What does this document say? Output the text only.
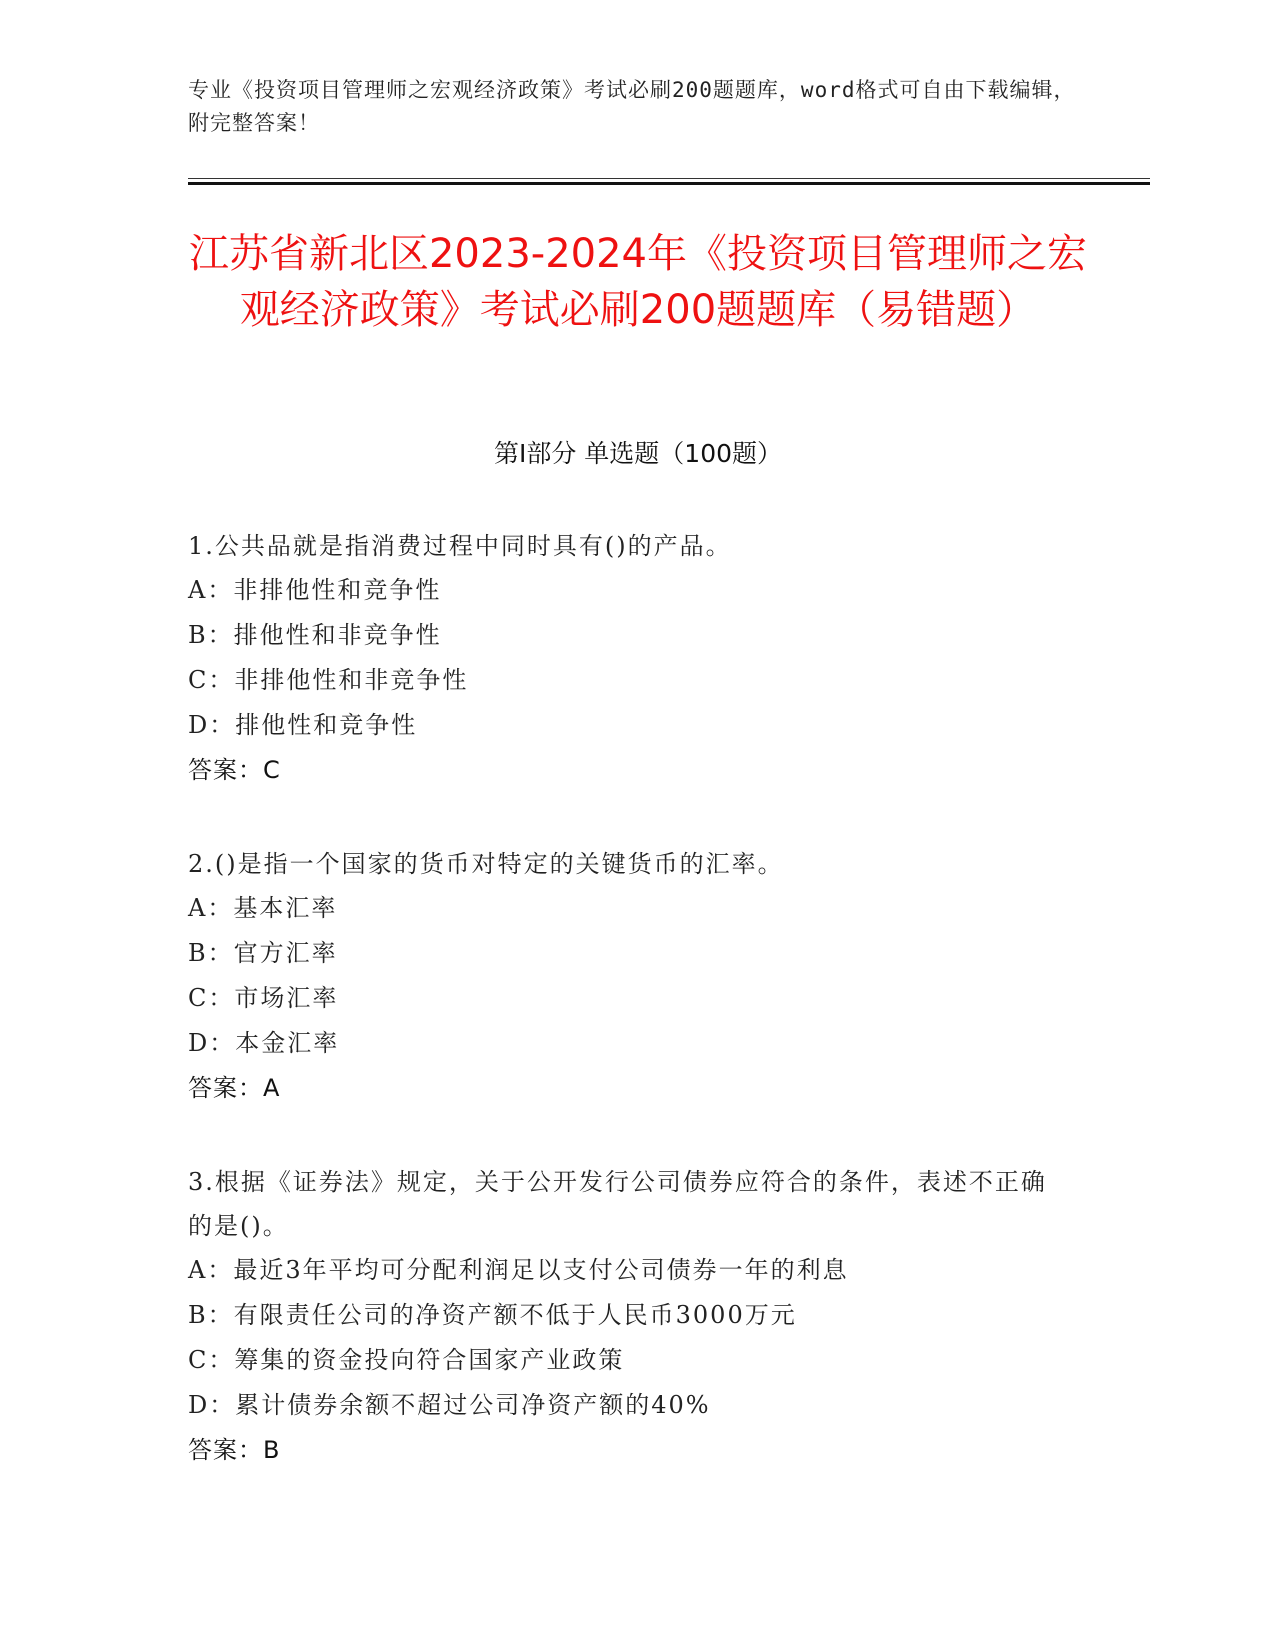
专业《投资项目管理师之宏观经济政策》考试必刷200题题库，word格式可自由下载编辑，附完整答案！
江苏省新北区2023-2024年《投资项目管理师之宏观经济政策》考试必刷200题题库（易错题）
第Ⅰ部分 单选题（100题）
1.公共品就是指消费过程中同时具有()的产品。
A：非排他性和竞争性
B：排他性和非竞争性
C：非排他性和非竞争性
D：排他性和竞争性
答案：C
2.()是指一个国家的货币对特定的关键货币的汇率。
A：基本汇率
B：官方汇率
C：市场汇率
D：本金汇率
答案：A
3.根据《证券法》规定，关于公开发行公司债券应符合的条件，表述不正确的是()。
A：最近3年平均可分配利润足以支付公司债券一年的利息
B：有限责任公司的净资产额不低于人民币3000万元
C：筹集的资金投向符合国家产业政策
D：累计债券余额不超过公司净资产额的40%
答案：B
